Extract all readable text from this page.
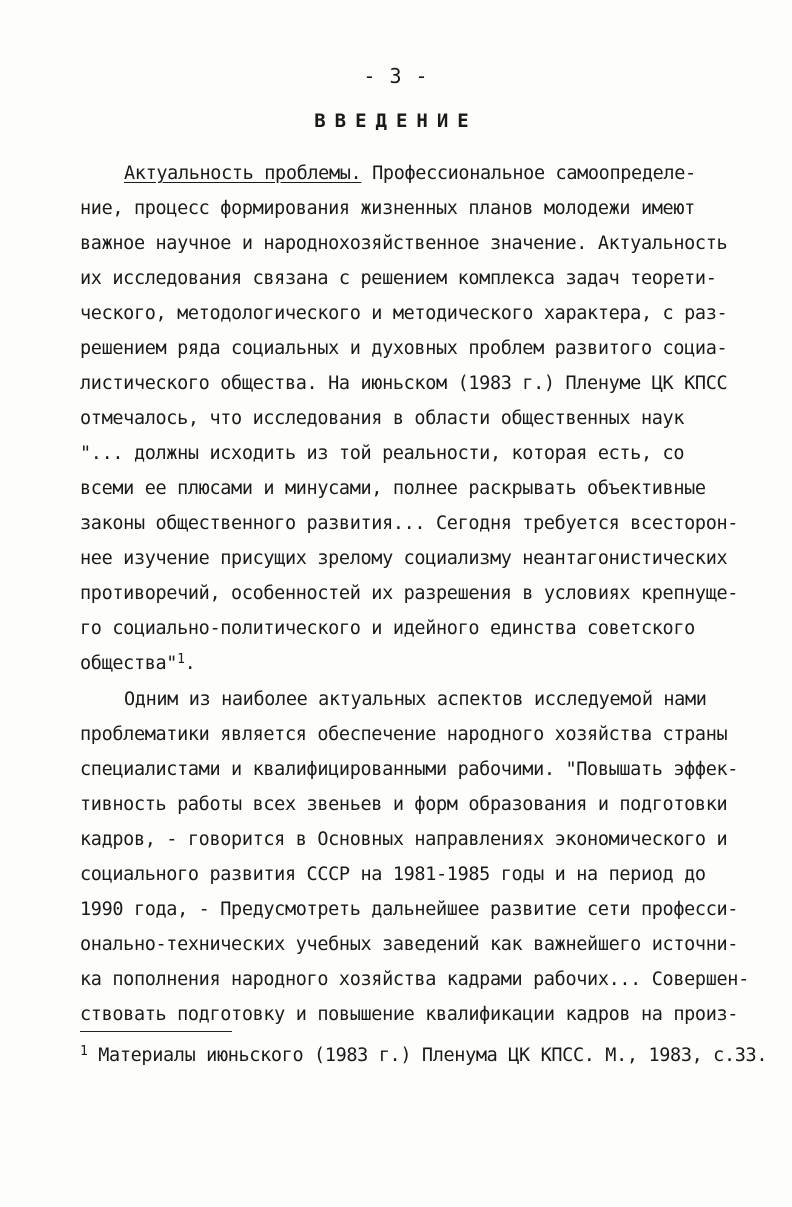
- 3 -
ВВЕДЕНИЕ
Актуальность проблемы. Профессиональное самоопределе-
ние, процесс формирования жизненных планов молодежи имеют
важное научное и народнохозяйственное значение. Актуальность
их исследования связана с решением комплекса задач теорети-
ческого, методологического и методического характера, с раз-
решением ряда социальных и духовных проблем развитого социа-
листического общества. На июньском (1983 г.) Пленуме ЦК КПСС
отмечалось, что исследования в области общественных наук
"... должны исходить из той реальности, которая есть, со
всеми ее плюсами и минусами, полнее раскрывать объективные
законы общественного развития... Сегодня требуется всесторон-
нее изучение присущих зрелому социализму неантагонистических
противоречий, особенностей их разрешения в условиях крепнуще-
го социально-политического и идейного единства советского
общества"$^1$.
Одним из наиболее актуальных аспектов исследуемой нами
проблематики является обеспечение народного хозяйства страны
специалистами и квалифицированными рабочими. "Повышать эффек-
тивность работы всех звеньев и форм образования и подготовки
кадров, - говорится в Основных направлениях экономического и
социального развития СССР на 1981-1985 годы и на период до
1990 года, - Предусмотреть дальнейшее развитие сети професси-
онально-технических учебных заведений как важнейшего источни-
ка пополнения народного хозяйства кадрами рабочих... Совершен-
ствовать подготовку и повышение квалификации кадров на произ-
$^1$ Материалы июньского (1983 г.) Пленума ЦК КПСС. М., 1983, с.33.
